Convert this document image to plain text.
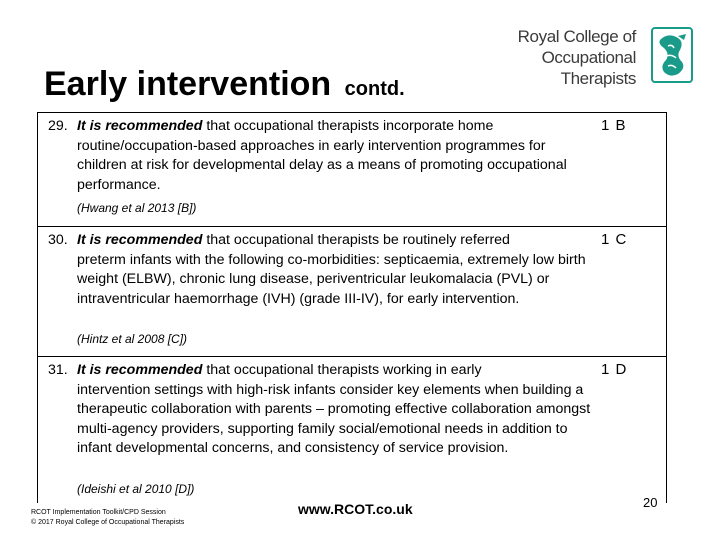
Early intervention contd.
Royal College of
Occupational
Therapists
29. It is recommended that occupational therapists incorporate home
routine/occupation-based approaches in early intervention programmes for children at risk for developmental delay as a means of promoting occupational performance.
(Hwang et al 2013 [B])
1 B
30. It is recommended that occupational therapists be routinely referred
preterm infants with the following co-morbidities: septicaemia, extremely low birth weight (ELBW), chronic lung disease, periventricular leukomalacia (PVL) or intraventricular haemorrhage (IVH) (grade III-IV), for early intervention.
(Hintz et al 2008 [C])
1 C
31. It is recommended that occupational therapists working in early
intervention settings with high-risk infants consider key elements when building a therapeutic collaboration with parents – promoting effective collaboration amongst multi-agency providers, supporting family social/emotional needs in addition to infant developmental concerns, and consistency of service provision.
(Ideishi et al 2010 [D])
1 D
RCOT Implementation Toolkit/CPD Session
© 2017 Royal College of Occupational Therapists
www.RCOT.co.uk	20
